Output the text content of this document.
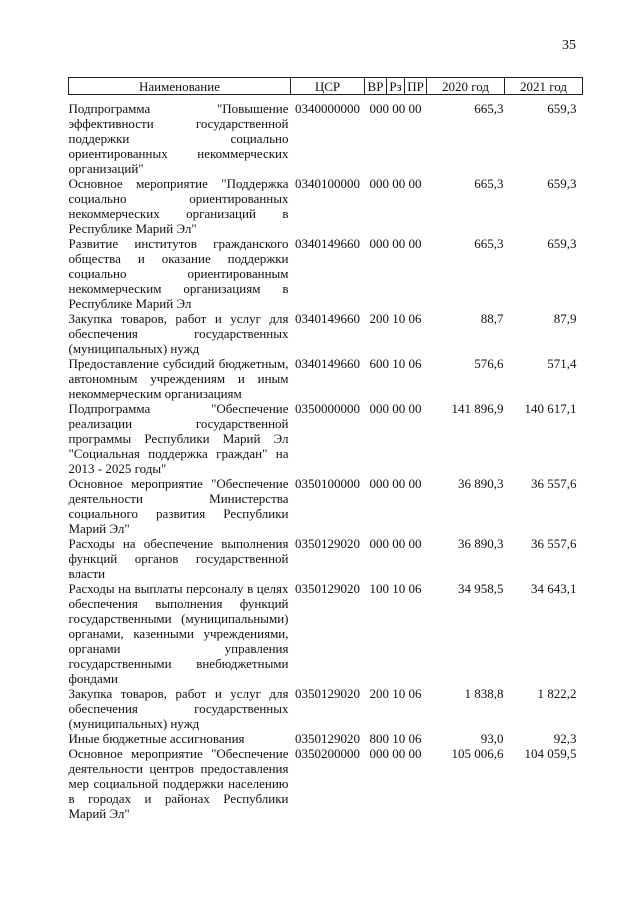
35
Наименование	ЦСР	ВР	Рз	ПР	2020 год	2021 год

Подпрограмма "Повышение эффективности государственной поддержки социально ориентированных некоммерческих организаций"	0340000000	000 00 00			665,3	659,3
Основное мероприятие "Поддержка социально ориентированных некоммерческих организаций в Республике Марий Эл"	0340100000	000 00 00			665,3	659,3
Развитие институтов гражданского общества и оказание поддержки социально ориентированным некоммерческим организациям в Республике Марий Эл	0340149660	000 00 00			665,3	659,3
Закупка товаров, работ и услуг для обеспечения государственных (муниципальных) нужд	0340149660	200 10 06			88,7	87,9
Предоставление субсидий бюджетным, автономным учреждениям и иным некоммерческим организациям	0340149660	600 10 06			576,6	571,4
Подпрограмма "Обеспечение реализации государственной программы Республики Марий Эл "Социальная поддержка граждан" на 2013 - 2025 годы"	0350000000	000 00 00			141 896,9	140 617,1
Основное мероприятие "Обеспечение деятельности Министерства социального развития Республики Марий Эл"	0350100000	000 00 00			36 890,3	36 557,6
Расходы на обеспечение выполнения функций органов государственной власти	0350129020	000 00 00			36 890,3	36 557,6
Расходы на выплаты персоналу в целях обеспечения выполнения функций государственными (муниципальными) органами, казенными учреждениями, органами управления государственными внебюджетными фондами	0350129020	100 10 06			34 958,5	34 643,1
Закупка товаров, работ и услуг для обеспечения государственных (муниципальных) нужд	0350129020	200 10 06			1 838,8	1 822,2
Иные бюджетные ассигнования	0350129020	800 10 06			93,0	92,3
Основное мероприятие "Обеспечение деятельности центров предоставления мер социальной поддержки населению в городах и районах Республики Марий Эл"	0350200000	000 00 00			105 006,6	104 059,5
